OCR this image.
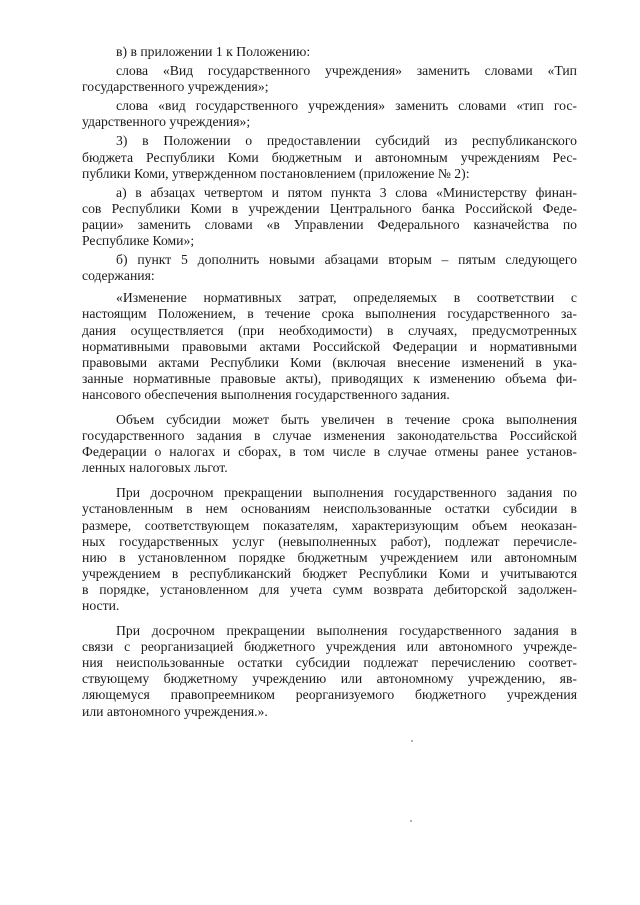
в) в приложении 1 к Положению:
слова «Вид государственного учреждения» заменить словами «Тип
государственного учреждения»;
слова «вид государственного учреждения» заменить словами «тип гос-
ударственного учреждения»;
3) в Положении о предоставлении субсидий из республиканского
бюджета Республики Коми бюджетным и автономным учреждениям Рес-
публики Коми, утвержденном постановлением (приложение № 2):
а) в абзацах четвертом и пятом пункта 3 слова «Министерству финан-
сов Республики Коми в учреждении Центрального банка Российской Феде-
рации» заменить словами «в Управлении Федерального казначейства по
Республике Коми»;
б) пункт 5 дополнить новыми абзацами вторым – пятым следующего
содержания:
«Изменение нормативных затрат, определяемых в соответствии с
настоящим Положением, в течение срока выполнения государственного за-
дания осуществляется (при необходимости) в случаях, предусмотренных
нормативными правовыми актами Российской Федерации и нормативными
правовыми актами Республики Коми (включая внесение изменений в ука-
занные нормативные правовые акты), приводящих к изменению объема фи-
нансового обеспечения выполнения государственного задания.
Объем субсидии может быть увеличен в течение срока выполнения
государственного задания в случае изменения законодательства Российской
Федерации о налогах и сборах, в том числе в случае отмены ранее установ-
ленных налоговых льгот.
При досрочном прекращении выполнения государственного задания по
установленным в нем основаниям неиспользованные остатки субсидии в
размере, соответствующем показателям, характеризующим объем неоказан-
ных государственных услуг (невыполненных работ), подлежат перечисле-
нию в установленном порядке бюджетным учреждением или автономным
учреждением в республиканский бюджет Республики Коми и учитываются
в порядке, установленном для учета сумм возврата дебиторской задолжен-
ности.
При досрочном прекращении выполнения государственного задания в
связи с реорганизацией бюджетного учреждения или автономного учрежде-
ния неиспользованные остатки субсидии подлежат перечислению соответ-
ствующему бюджетному учреждению или автономному учреждению, яв-
ляющемуся правопреемником реорганизуемого бюджетного учреждения
или автономного учреждения.».
